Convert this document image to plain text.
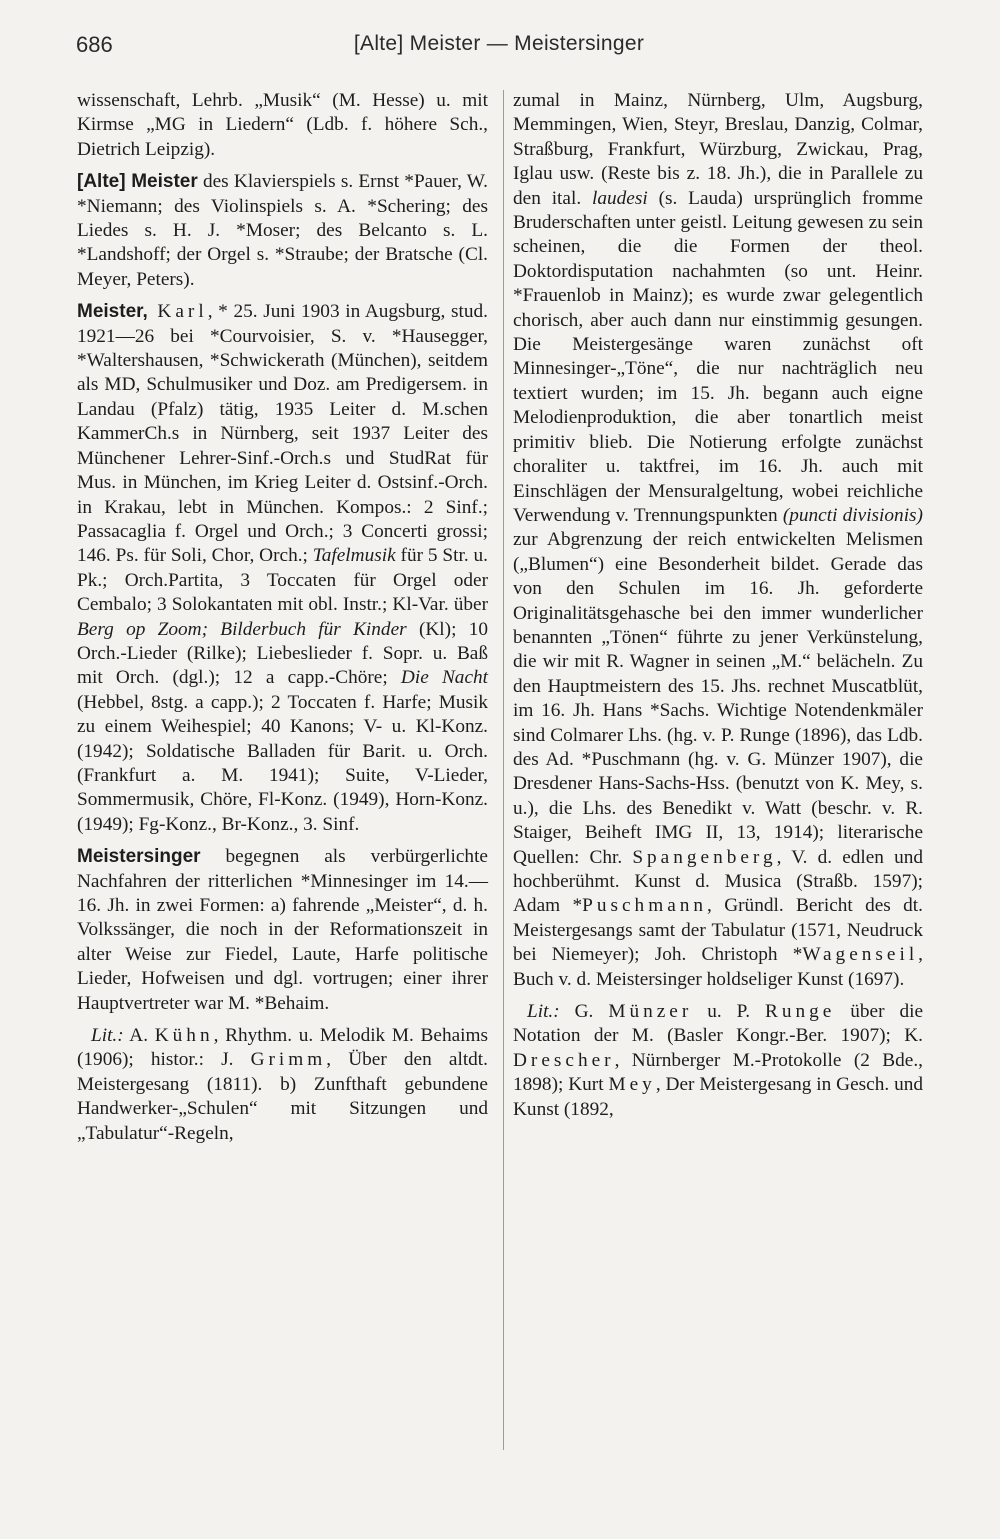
686	[Alte] Meister — Meistersinger

wissenschaft, Lehrb. „Musik“ (M. Hesse) u. mit Kirmse „MG in Liedern“ (Ldb. f. höhere Sch., Dietrich Leipzig).

[Alte] Meister des Klavierspiels s. Ernst *Pauer, W. *Niemann; des Violinspiels s. A. *Schering; des Liedes s. H. J. *Moser; des Belcanto s. L. *Landshoff; der Orgel s. *Straube; der Bratsche (Cl. Meyer, Peters).

Meister, Karl, * 25. Juni 1903 in Augsburg, stud. 1921—26 bei *Courvoisier, S. v. *Hausegger, *Waltershausen, *Schwickerath (München), seitdem als MD, Schulmusiker und Doz. am Predigersem. in Landau (Pfalz) tätig, 1935 Leiter d. M.schen KammerCh.s in Nürnberg, seit 1937 Leiter des Münchener Lehrer-Sinf.-Orch.s und StudRat für Mus. in München, im Krieg Leiter d. Ostsinf.-Orch. in Krakau, lebt in München. Kompos.: 2 Sinf.; Passacaglia f. Orgel und Orch.; 3 Concerti grossi; 146. Ps. für Soli, Chor, Orch.; Tafelmusik für 5 Str. u. Pk.; Orch.Partita, 3 Toccaten für Orgel oder Cembalo; 3 Solokantaten mit obl. Instr.; Kl-Var. über Berg op Zoom; Bilderbuch für Kinder (Kl); 10 Orch.-Lieder (Rilke); Liebeslieder f. Sopr. u. Baß mit Orch. (dgl.); 12 a capp.-Chöre; Die Nacht (Hebbel, 8stg. a capp.); 2 Toccaten f. Harfe; Musik zu einem Weihespiel; 40 Kanons; V- u. Kl-Konz. (1942); Soldatische Balladen für Barit. u. Orch. (Frankfurt a. M. 1941); Suite, V-Lieder, Sommermusik, Chöre, Fl-Konz. (1949), Horn-Konz. (1949); Fg-Konz., Br-Konz., 3. Sinf.

Meistersinger begegnen als verbürgerlichte Nachfahren der ritterlichen *Minnesinger im 14.—16. Jh. in zwei Formen: a) fahrende „Meister“, d. h. Volkssänger, die noch in der Reformationszeit in alter Weise zur Fiedel, Laute, Harfe politische Lieder, Hofweisen und dgl. vortrugen; einer ihrer Hauptvertreter war M. *Behaim.

Lit.: A. Kühn, Rhythm. u. Melodik M. Behaims (1906); histor.: J. Grimm, Über den altdt. Meistergesang (1811). b) Zunfthaft gebundene Handwerker-„Schulen“ mit Sitzungen und „Tabulatur“-Regeln,

zumal in Mainz, Nürnberg, Ulm, Augsburg, Memmingen, Wien, Steyr, Breslau, Danzig, Colmar, Straßburg, Frankfurt, Würzburg, Zwickau, Prag, Iglau usw. (Reste bis z. 18. Jh.), die in Parallele zu den ital. laudesi (s. Lauda) ursprünglich fromme Bruderschaften unter geistl. Leitung gewesen zu sein scheinen, die die Formen der theol. Doktordisputation nachahmten (so unt. Heinr. *Frauenlob in Mainz); es wurde zwar gelegentlich chorisch, aber auch dann nur einstimmig gesungen. Die Meistergesänge waren zunächst oft Minnesinger-„Töne“, die nur nachträglich neu textiert wurden; im 15. Jh. begann auch eigne Melodienproduktion, die aber tonartlich meist primitiv blieb. Die Notierung erfolgte zunächst choraliter u. taktfrei, im 16. Jh. auch mit Einschlägen der Mensuralgeltung, wobei reichliche Verwendung v. Trennungspunkten (puncti divisionis) zur Abgrenzung der reich entwickelten Melismen („Blumen“) eine Besonderheit bildet. Gerade das von den Schulen im 16. Jh. geforderte Originalitätsgehasche bei den immer wunderlicher benannten „Tönen“ führte zu jener Verkünstelung, die wir mit R. Wagner in seinen „M.“ belächeln. Zu den Hauptmeistern des 15. Jhs. rechnet Muscatblüt, im 16. Jh. Hans *Sachs. Wichtige Notendenkmäler sind Colmarer Lhs. (hg. v. P. Runge (1896), das Ldb. des Ad. *Puschmann (hg. v. G. Münzer 1907), die Dresdener Hans-Sachs-Hss. (benutzt von K. Mey, s. u.), die Lhs. des Benedikt v. Watt (beschr. v. R. Staiger, Beiheft IMG II, 13, 1914); literarische Quellen: Chr. Spangenberg, V. d. edlen und hochberühmt. Kunst d. Musica (Straßb. 1597); Adam *Puschmann, Gründl. Bericht des dt. Meistergesangs samt der Tabulatur (1571, Neudruck bei Niemeyer); Joh. Christoph *Wagenseil, Buch v. d. Meistersinger holdseliger Kunst (1697).

Lit.: G. Münzer u. P. Runge über die Notation der M. (Basler Kongr.-Ber. 1907); K. Drescher, Nürnberger M.-Protokolle (2 Bde., 1898); Kurt Mey, Der Meistergesang in Gesch. und Kunst (1892,
